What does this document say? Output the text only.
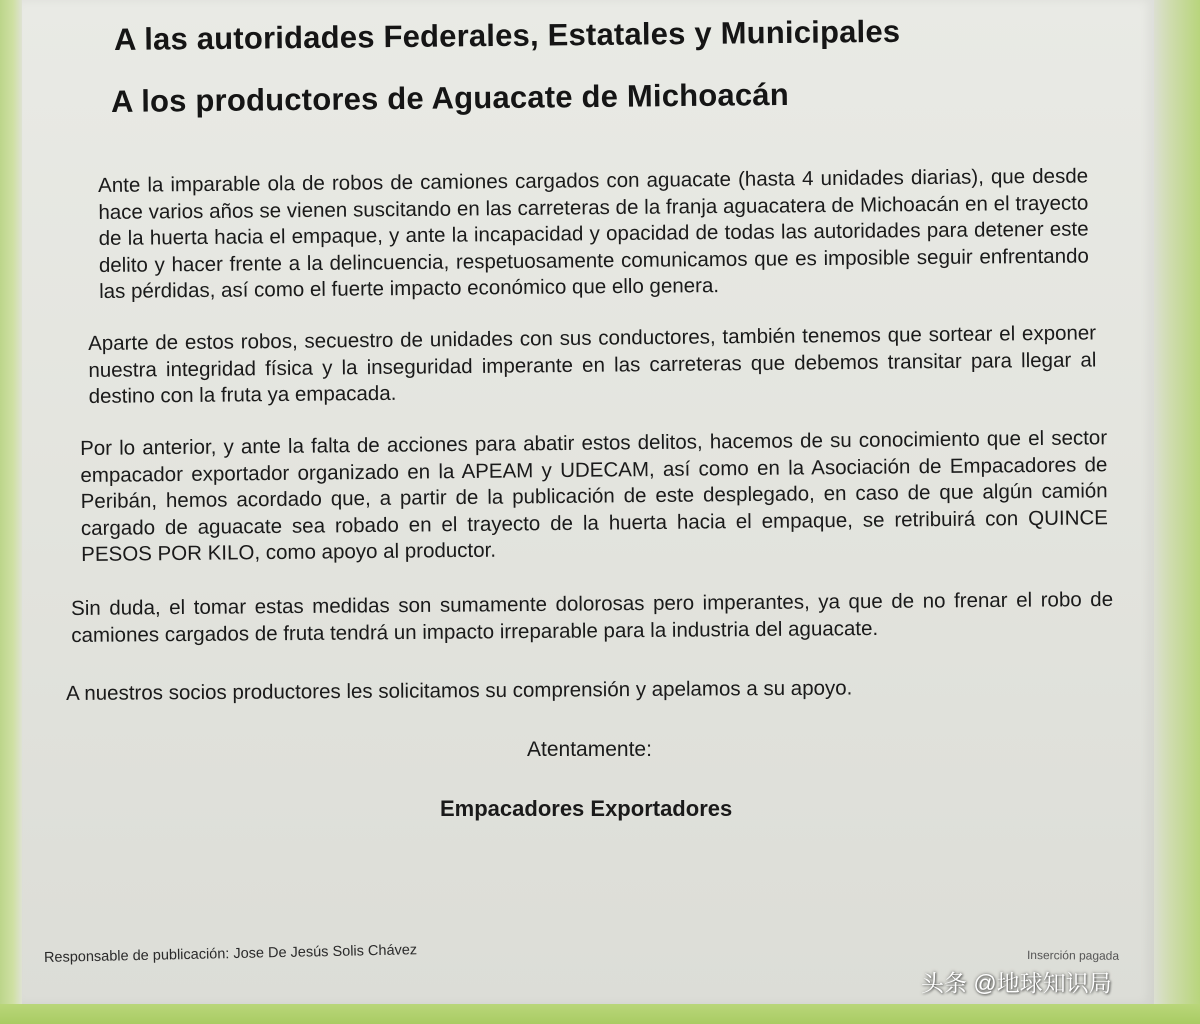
A las autoridades Federales, Estatales y Municipales
A los productores de Aguacate de Michoacán

Ante la imparable ola de robos de camiones cargados con aguacate (hasta 4 unidades diarias), que desde hace varios años se vienen suscitando en las carreteras de la franja aguacatera de Michoacán en el trayecto de la huerta hacia el empaque, y ante la incapacidad y opacidad de todas las autoridades para detener este delito y hacer frente a la delincuencia, respetuosamente comunicamos que es imposible seguir enfrentando las pérdidas, así como el fuerte impacto económico que ello genera.

Aparte de estos robos, secuestro de unidades con sus conductores, también tenemos que sortear el exponer nuestra integridad física y la inseguridad imperante en las carreteras que debemos transitar para llegar al destino con la fruta ya empacada.

Por lo anterior, y ante la falta de acciones para abatir estos delitos, hacemos de su conocimiento que el sector empacador exportador organizado en la APEAM y UDECAM, así como en la Asociación de Empacadores de Peribán, hemos acordado que, a partir de la publicación de este desplegado, en caso de que algún camión cargado de aguacate sea robado en el trayecto de la huerta hacia el empaque, se retribuirá con QUINCE PESOS POR KILO, como apoyo al productor.

Sin duda, el tomar estas medidas son sumamente dolorosas pero imperantes, ya que de no frenar el robo de camiones cargados de fruta tendrá un impacto irreparable para la industria del aguacate.

A nuestros socios productores les solicitamos su comprensión y apelamos a su apoyo.

Atentamente:

Empacadores Exportadores

Responsable de publicación: Jose De Jesús Solis Chávez	Inserción pagada

头条 @地球知识局
